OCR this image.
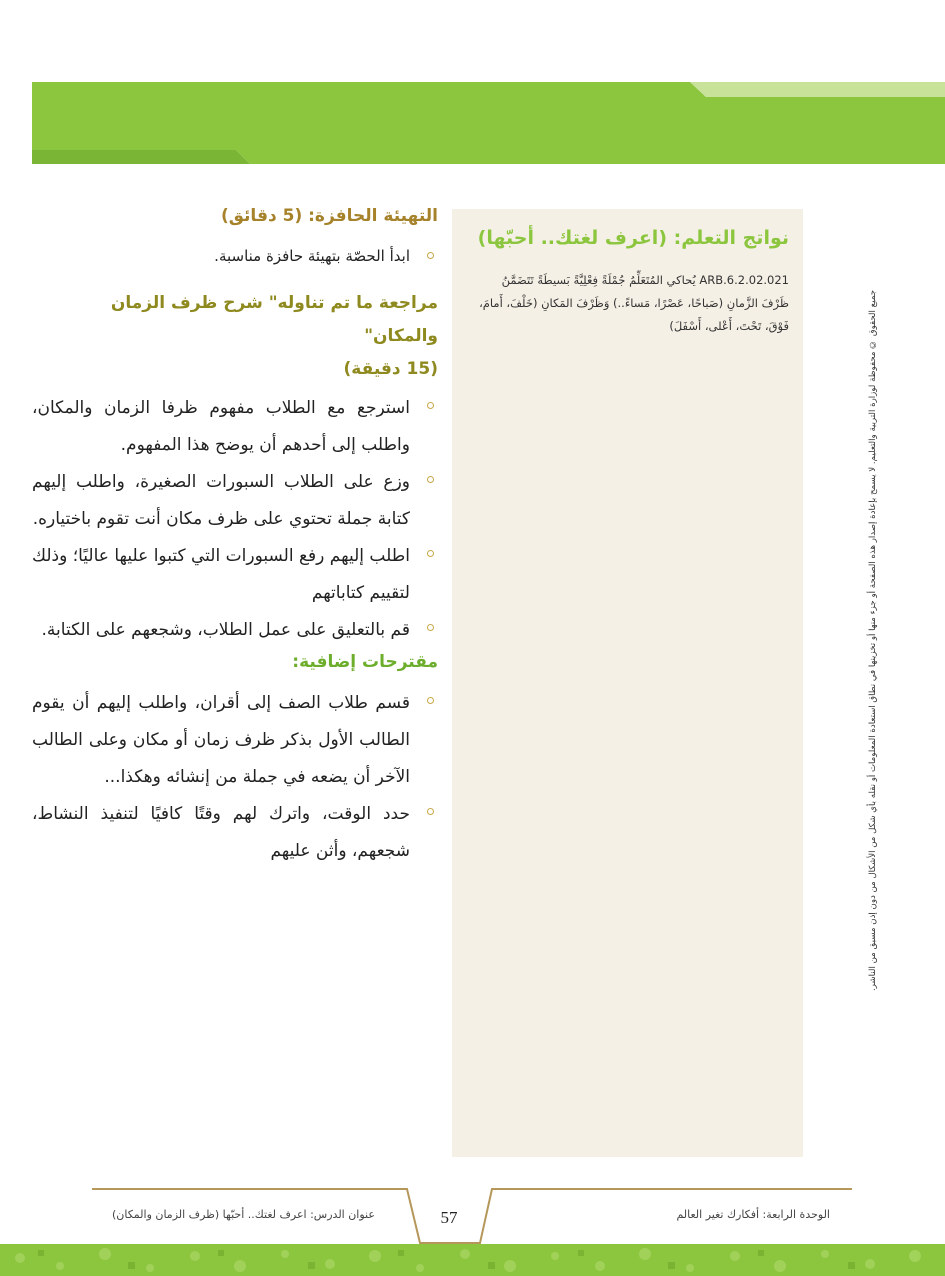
نواتج التعلم: (اعرف لغتك.. أحبّها)

ARB.6.2.02.021 يُحاكي المُتَعَلِّمُ جُمْلَةً فِعْلِيَّةً بَسيطَةً تَتَضَمَّنُ
ظَرْفَ الزَّمانِ (صَباحًا، عَصْرًا، مَساءً..) وَظَرْفَ المَكانِ (خَلْفَ، أَمامَ،
فَوْقَ، تَحْتَ، أَعْلى، أَسْفَلَ)

التهيئة الحافزة: (5 دقائق)
ابدأ الحصّة بتهيئة حافزة مناسبة.
مراجعة ما تم تناوله" شرح ظرف الزمان والمكان"
(15 دقيقة)
استرجع مع الطلاب مفهوم ظرفا الزمان والمكان، واطلب إلى أحدهم أن يوضح هذا المفهوم.
وزع على الطلاب السبورات الصغيرة، واطلب إليهم كتابة جملة تحتوي على ظرف مكان أنت تقوم باختياره.
اطلب إليهم رفع السبورات التي كتبوا عليها عاليًا؛ وذلك لتقييم كتاباتهم
قم بالتعليق على عمل الطلاب، وشجعهم على الكتابة.
مقترحات إضافية:
قسم طلاب الصف إلى أقران، واطلب إليهم أن يقوم الطالب الأول بذكر ظرف زمان أو مكان وعلى الطالب الآخر أن يضعه في جملة من إنشائه وهكذا...
حدد الوقت، واترك لهم وقتًا كافيًا لتنفيذ النشاط، شجعهم، وأثن عليهم	جميع الحقوق © محفوظة لوزارة التربية والتعليم. لا يسمح بإعادة إصدار هذه الصفحة أو جزء منها أو تخزينها في نطاق استعادة المعلومات أو نقله بأي شكل من الأشكال من دون إذن مسبق من الناشر.
الوحدة الرابعة: أفكارك تغير العالم
57
عنوان الدرس: اعرف لغتك.. أحبّها (ظرف الزمان والمكان)
